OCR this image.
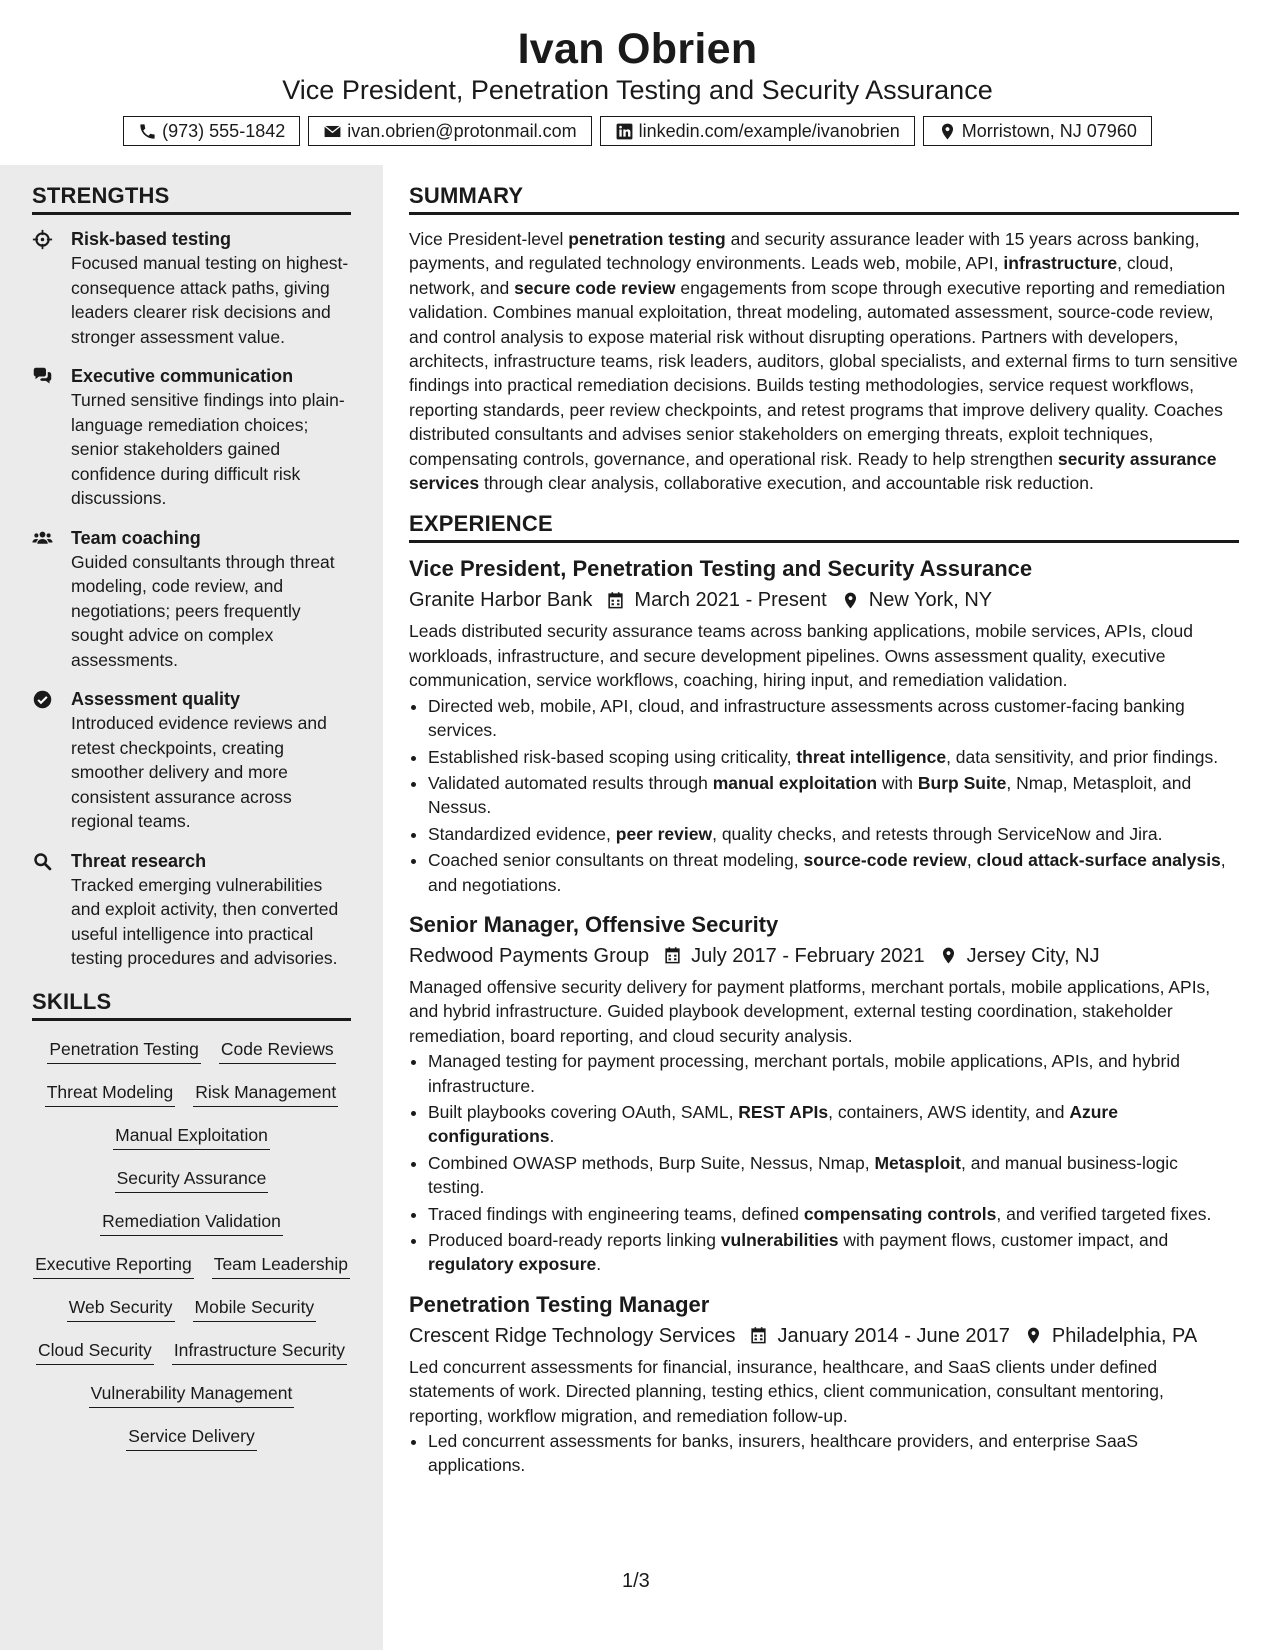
Ivan Obrien

Vice President, Penetration Testing and Security Assurance

(973) 555-1842	ivan.obrien@protonmail.com	linkedin.com/example/ivanobrien	Morristown, NJ 07960
STRENGTHS
Risk-based testing
Focused manual testing on highest-consequence attack paths, giving leaders clearer risk decisions and stronger assessment value.
Executive communication
Turned sensitive findings into plain-language remediation choices; senior stakeholders gained confidence during difficult risk discussions.
Team coaching
Guided consultants through threat modeling, code review, and negotiations; peers frequently sought advice on complex assessments.
Assessment quality
Introduced evidence reviews and retest checkpoints, creating smoother delivery and more consistent assurance across regional teams.
Threat research
Tracked emerging vulnerabilities and exploit activity, then converted useful intelligence into practical testing procedures and advisories.
SKILLS
Penetration Testing Code Reviews
Threat Modeling Risk Management
Manual Exploitation
Security Assurance
Remediation Validation
Executive Reporting Team Leadership
Web Security Mobile Security
Cloud Security Infrastructure Security
Vulnerability Management
Service Delivery
SUMMARY

Vice President-level penetration testing and security assurance leader with 15 years across banking, payments, and regulated technology environments. Leads web, mobile, API, infrastructure, cloud, network, and secure code review engagements from scope through executive reporting and remediation validation. Combines manual exploitation, threat modeling, automated assessment, source-code review, and control analysis to expose material risk without disrupting operations. Partners with developers, architects, infrastructure teams, risk leaders, auditors, global specialists, and external firms to turn sensitive findings into practical remediation decisions. Builds testing methodologies, service request workflows, reporting standards, peer review checkpoints, and retest programs that improve delivery quality. Coaches distributed consultants and advises senior stakeholders on emerging threats, exploit techniques, compensating controls, governance, and operational risk. Ready to help strengthen security assurance services through clear analysis, collaborative execution, and accountable risk reduction.

EXPERIENCE
Vice President, Penetration Testing and Security Assurance
Granite Harbor Bank March 2021 - Present New York, NY

Leads distributed security assurance teams across banking applications, mobile services, APIs, cloud workloads, infrastructure, and secure development pipelines. Owns assessment quality, executive communication, service workflows, coaching, hiring input, and remediation validation.

• Directed web, mobile, API, cloud, and infrastructure assessments across customer-facing banking services.
• Established risk-based scoping using criticality, threat intelligence, data sensitivity, and prior findings.
• Validated automated results through manual exploitation with Burp Suite, Nmap, Metasploit, and Nessus.
• Standardized evidence, peer review, quality checks, and retests through ServiceNow and Jira.
• Coached senior consultants on threat modeling, source-code review, cloud attack-surface analysis, and negotiations.
Senior Manager, Offensive Security
Redwood Payments Group July 2017 - February 2021 Jersey City, NJ

Managed offensive security delivery for payment platforms, merchant portals, mobile applications, APIs, and hybrid infrastructure. Guided playbook development, external testing coordination, stakeholder remediation, board reporting, and cloud security analysis.

• Managed testing for payment processing, merchant portals, mobile applications, APIs, and hybrid infrastructure.
• Built playbooks covering OAuth, SAML, REST APIs, containers, AWS identity, and Azure configurations.
• Combined OWASP methods, Burp Suite, Nessus, Nmap, Metasploit, and manual business-logic testing.
• Traced findings with engineering teams, defined compensating controls, and verified targeted fixes.
• Produced board-ready reports linking vulnerabilities with payment flows, customer impact, and regulatory exposure.
Penetration Testing Manager
Crescent Ridge Technology Services January 2014 - June 2017 Philadelphia, PA

Led concurrent assessments for financial, insurance, healthcare, and SaaS clients under defined statements of work. Directed planning, testing ethics, client communication, consultant mentoring, reporting, workflow migration, and remediation follow-up.

• Led concurrent assessments for banks, insurers, healthcare providers, and enterprise SaaS applications.
1/3
